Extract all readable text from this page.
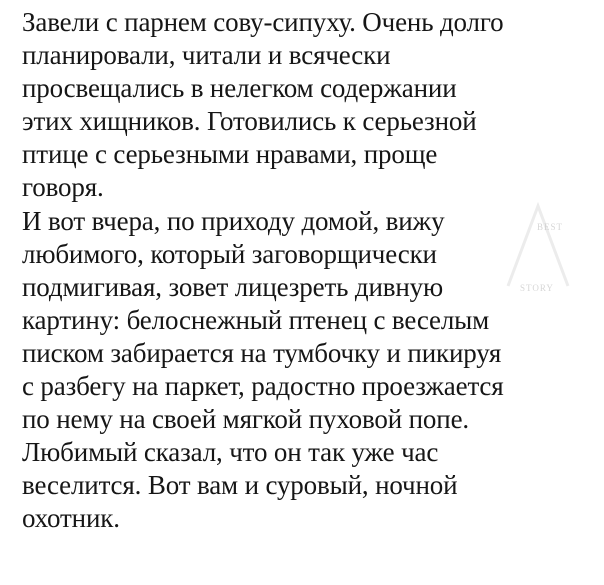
Завели с парнем сову-сипуху. Очень долго
планировали, читали и всячески
просвещались в нелегком содержании
этих хищников. Готовились к серьезной
птице с серьезными нравами, проще
говоря.
И вот вчера, по приходу домой, вижу
любимого, который заговорщически
подмигивая, зовет лицезреть дивную
картину: белоснежный птенец с веселым
писком забирается на тумбочку и пикируя
с разбегу на паркет, радостно проезжается
по нему на своей мягкой пуховой попе.
Любимый сказал, что он так уже час
веселится. Вот вам и суровый, ночной
охотник.

BEST
STORY
